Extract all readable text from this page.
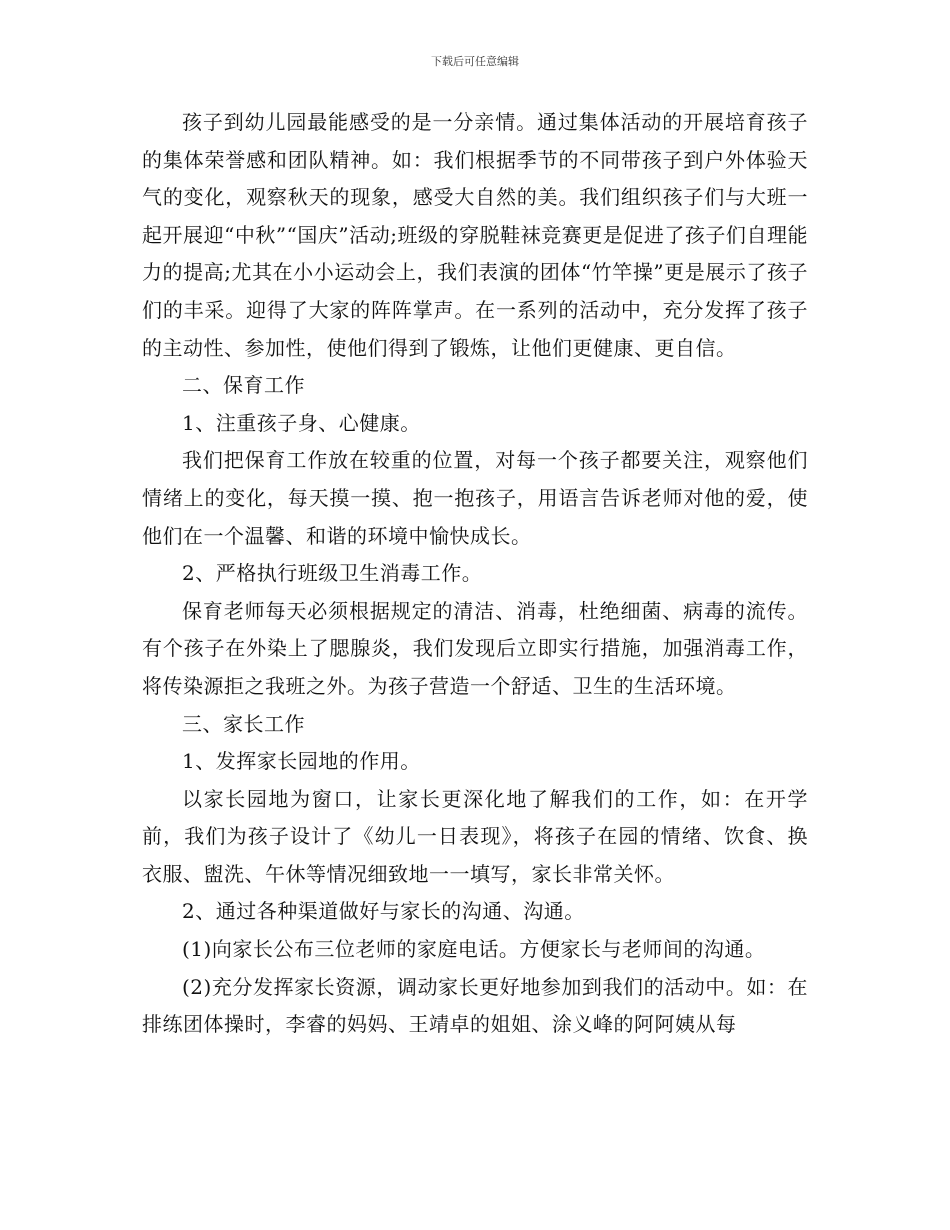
下载后可任意编辑

孩子到幼儿园最能感受的是一分亲情。通过集体活动的开展培育孩子的集体荣誉感和团队精神。如：我们根据季节的不同带孩子到户外体验天气的变化，观察秋天的现象，感受大自然的美。我们组织孩子们与大班一起开展迎“中秋”“国庆”活动;班级的穿脱鞋袜竞赛更是促进了孩子们自理能力的提高;尤其在小小运动会上，我们表演的团体“竹竿操”更是展示了孩子们的丰采。迎得了大家的阵阵掌声。在一系列的活动中，充分发挥了孩子的主动性、参加性，使他们得到了锻炼，让他们更健康、更自信。

二、保育工作

1、注重孩子身、心健康。

我们把保育工作放在较重的位置，对每一个孩子都要关注，观察他们情绪上的变化，每天摸一摸、抱一抱孩子，用语言告诉老师对他的爱，使他们在一个温馨、和谐的环境中愉快成长。

2、严格执行班级卫生消毒工作。

保育老师每天必须根据规定的清洁、消毒，杜绝细菌、病毒的流传。有个孩子在外染上了腮腺炎，我们发现后立即实行措施，加强消毒工作，将传染源拒之我班之外。为孩子营造一个舒适、卫生的生活环境。

三、家长工作

1、发挥家长园地的作用。

以家长园地为窗口，让家长更深化地了解我们的工作，如：在开学前，我们为孩子设计了《幼儿一日表现》，将孩子在园的情绪、饮食、换衣服、盥洗、午休等情况细致地一一填写，家长非常关怀。

2、通过各种渠道做好与家长的沟通、沟通。

(1)向家长公布三位老师的家庭电话。方便家长与老师间的沟通。

(2)充分发挥家长资源，调动家长更好地参加到我们的活动中。如：在排练团体操时，李睿的妈妈、王靖卓的姐姐、涂义峰的阿阿姨从每
